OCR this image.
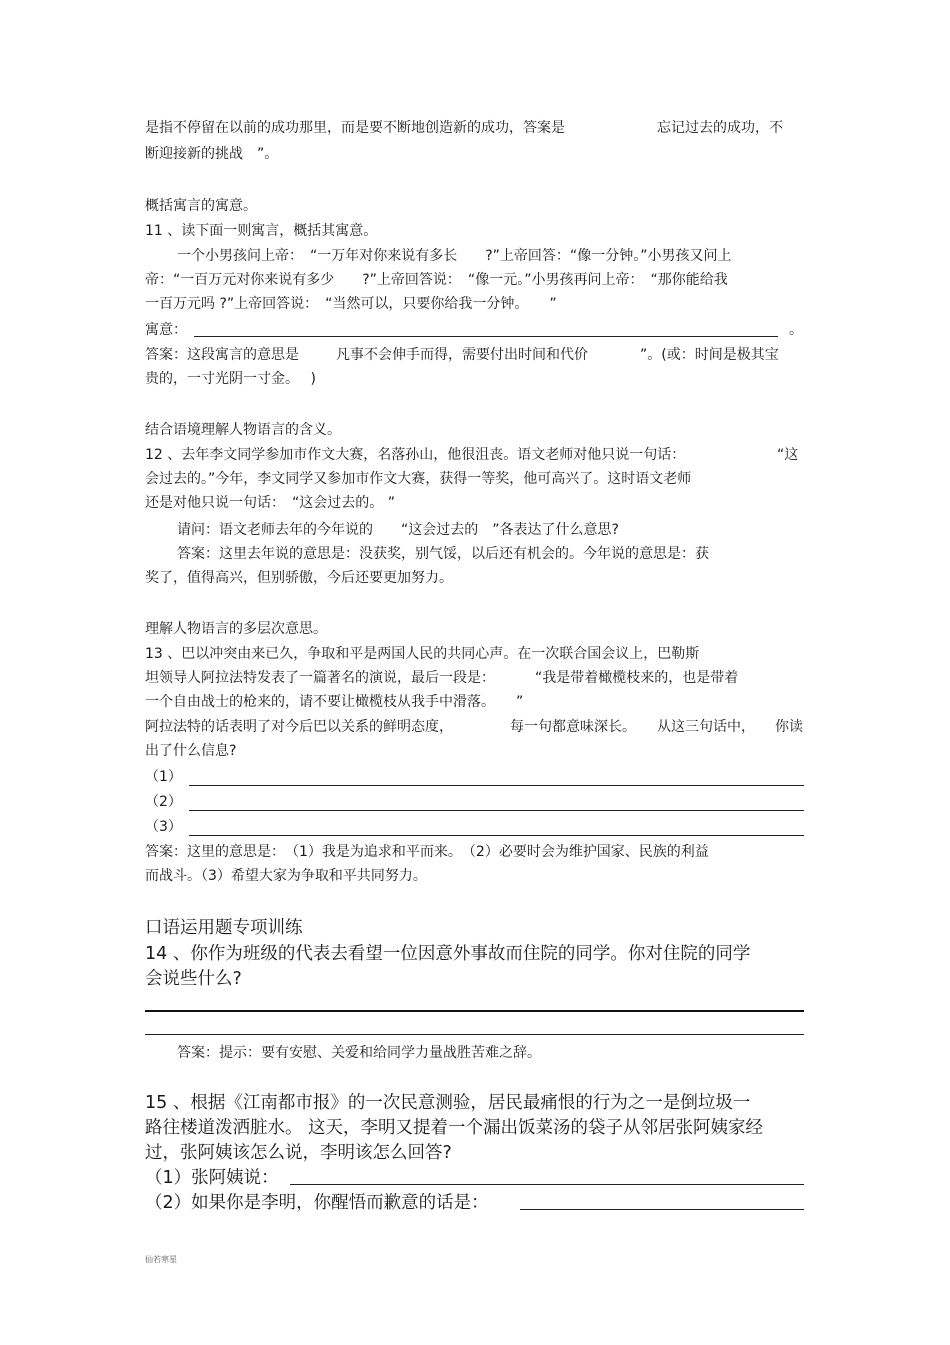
是指不停留在以前的成功那里，而是要不断地创造新的成功，答案是	忘记过去的成功，不
断迎接新的挑战　”。
概括寓言的寓意。
11 、读下面一则寓言，概括其寓意。
一个小男孩问上帝：　“一万年对你来说有多长　　?”上帝回答：“像一分钟。”小男孩又问上
帝：“一百万元对你来说有多少　　?”上帝回答说：　“像一元。”小男孩再问上帝：　“那你能给我
一百万元吗 ?”上帝回答说：　“当然可以，只要你给我一分钟。　　”
寓意：	。
答案：这段寓言的意思是	凡事不会伸手而得，需要付出时间和代价	”。(或：时间是极其宝
贵的，一寸光阴一寸金。　 )
结合语境理解人物语言的含义。
12 、去年李文同学参加市作文大赛，名落孙山，他很沮丧。语文老师对他只说一句话：	“这
会过去的。”今年，李文同学又参加市作文大赛，获得一等奖，他可高兴了。这时语文老师
还是对他只说一句话：　“这会过去的。 ”
请问：语文老师去年的今年说的　　“这会过去的　”各表达了什么意思?
答案：这里去年说的意思是：没获奖，别气馁，以后还有机会的。今年说的意思是：获
奖了，值得高兴，但别骄傲，今后还要更加努力。
理解人物语言的多层次意思。
13 、巴以冲突由来已久，争取和平是两国人民的共同心声。在一次联合国会议上，巴勒斯
坦领导人阿拉法特发表了一篇著名的演说，最后一段是：	“我是带着橄榄枝来的，也是带着
一个自由战士的枪来的，请不要让橄榄枝从我手中滑落。　　”
阿拉法特的话表明了对今后巴以关系的鲜明态度，	每一句都意味深长。 从这三句话中， 你读
出了什么信息?
（1）
（2）
（3）
答案：这里的意思是：　（1）我是为追求和平而来。　（2）必要时会为维护国家、民族的利益
而战斗。（3）希望大家为争取和平共同努力。
口语运用题专项训练
14 、你作为班级的代表去看望一位因意外事故而住院的同学。你对住院的同学
会说些什么?
答案：提示：要有安慰、关爱和给同学力量战胜苦难之辞。
15 、根据《江南都市报》的一次民意测验，居民最痛恨的行为之一是倒垃圾一
路往楼道泼洒脏水。 这天，李明又提着一个漏出饭菜汤的袋子从邻居张阿姨家经
过，张阿姨该怎么说，李明该怎么回答?
（1）张阿姨说：
（2）如果你是李明，你醒悟而歉意的话是：
仙若寒星
